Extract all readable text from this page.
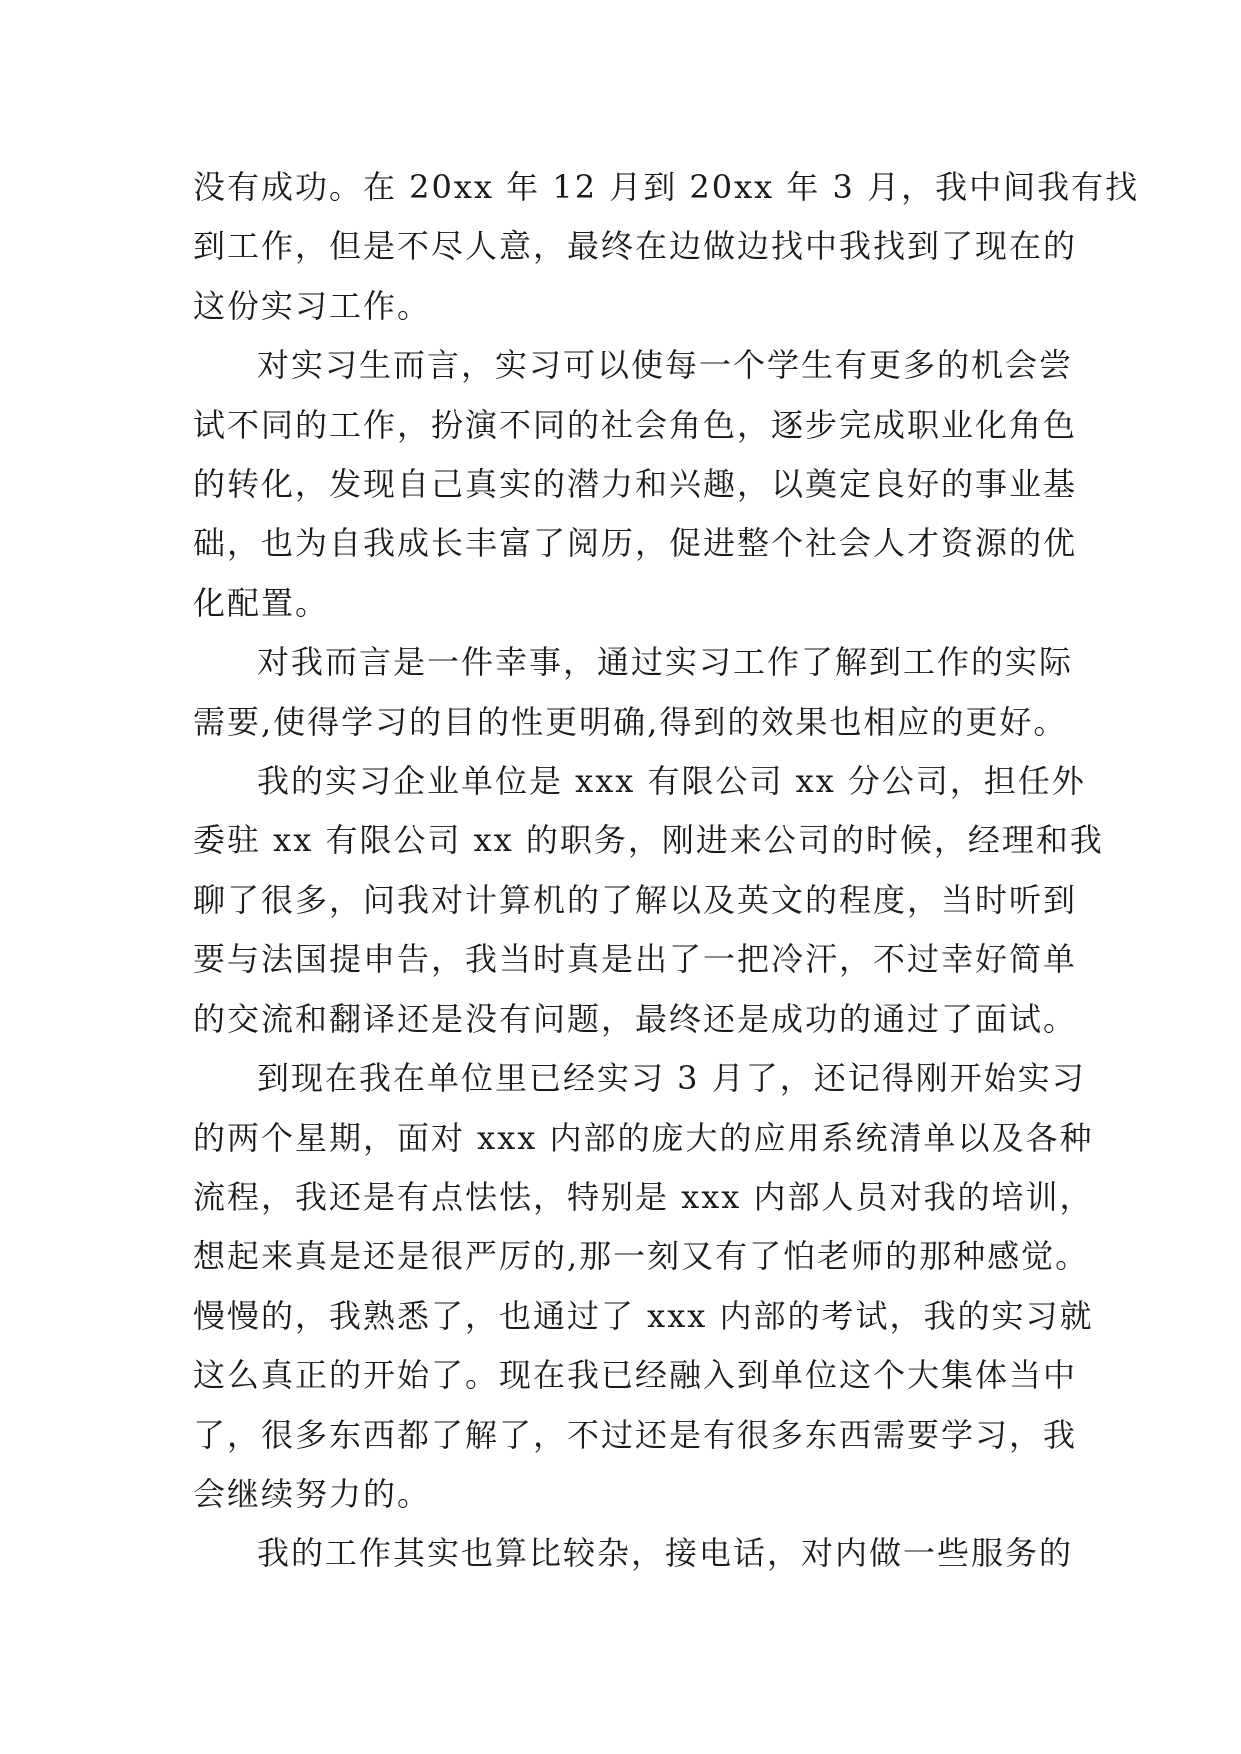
没有成功。在 20xx 年 12 月到 20xx 年 3 月，我中间我有找
到工作，但是不尽人意，最终在边做边找中我找到了现在的
这份实习工作。
对实习生而言，实习可以使每一个学生有更多的机会尝
试不同的工作，扮演不同的社会角色，逐步完成职业化角色
的转化，发现自己真实的潜力和兴趣，以奠定良好的事业基
础，也为自我成长丰富了阅历，促进整个社会人才资源的优
化配置。
对我而言是一件幸事，通过实习工作了解到工作的实际
需要,使得学习的目的性更明确,得到的效果也相应的更好。
我的实习企业单位是 xxx 有限公司 xx 分公司，担任外
委驻 xx 有限公司 xx 的职务，刚进来公司的时候，经理和我
聊了很多，问我对计算机的了解以及英文的程度，当时听到
要与法国提申告，我当时真是出了一把冷汗，不过幸好简单
的交流和翻译还是没有问题，最终还是成功的通过了面试。
到现在我在单位里已经实习 3 月了，还记得刚开始实习
的两个星期，面对 xxx 内部的庞大的应用系统清单以及各种
流程，我还是有点怯怯，特别是 xxx 内部人员对我的培训，
想起来真是还是很严厉的,那一刻又有了怕老师的那种感觉。
慢慢的，我熟悉了，也通过了 xxx 内部的考试，我的实习就
这么真正的开始了。现在我已经融入到单位这个大集体当中
了，很多东西都了解了，不过还是有很多东西需要学习，我
会继续努力的。
我的工作其实也算比较杂，接电话，对内做一些服务的
